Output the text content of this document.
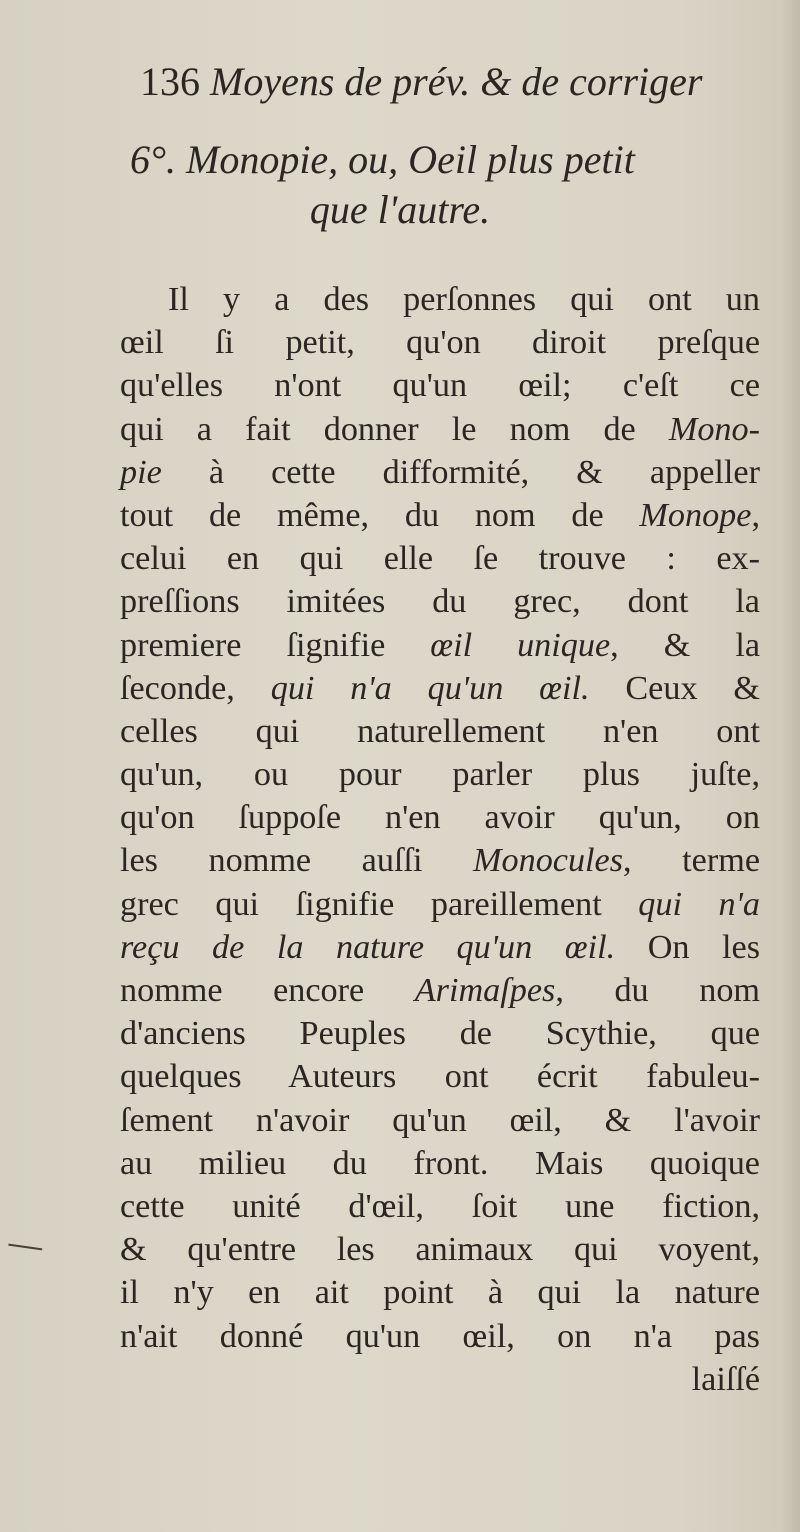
136 Moyens de prév. & de corriger
6°. Monopie, ou, Oeil plus petit
que l'autre.
Il y a des perſonnes qui ont un
œil ſi petit, qu'on diroit preſque
qu'elles n'ont qu'un œil; c'eſt ce
qui a fait donner le nom de Mono-
pie à cette difformité, & appeller
tout de même, du nom de Monope,
celui en qui elle ſe trouve : ex-
preſſions imitées du grec, dont la
premiere ſignifie œil unique, & la
ſeconde, qui n'a qu'un œil. Ceux &
celles qui naturellement n'en ont
qu'un, ou pour parler plus juſte,
qu'on ſuppoſe n'en avoir qu'un, on
les nomme auſſi Monocules, terme
grec qui ſignifie pareillement qui n'a
reçu de la nature qu'un œil. On les
nomme encore Arimaſpes, du nom
d'anciens Peuples de Scythie, que
quelques Auteurs ont écrit fabuleu-
ſement n'avoir qu'un œil, & l'avoir
au milieu du front. Mais quoique
cette unité d'œil, ſoit une fiction,
& qu'entre les animaux qui voyent,
il n'y en ait point à qui la nature
n'ait donné qu'un œil, on n'a pas
laiſſé
